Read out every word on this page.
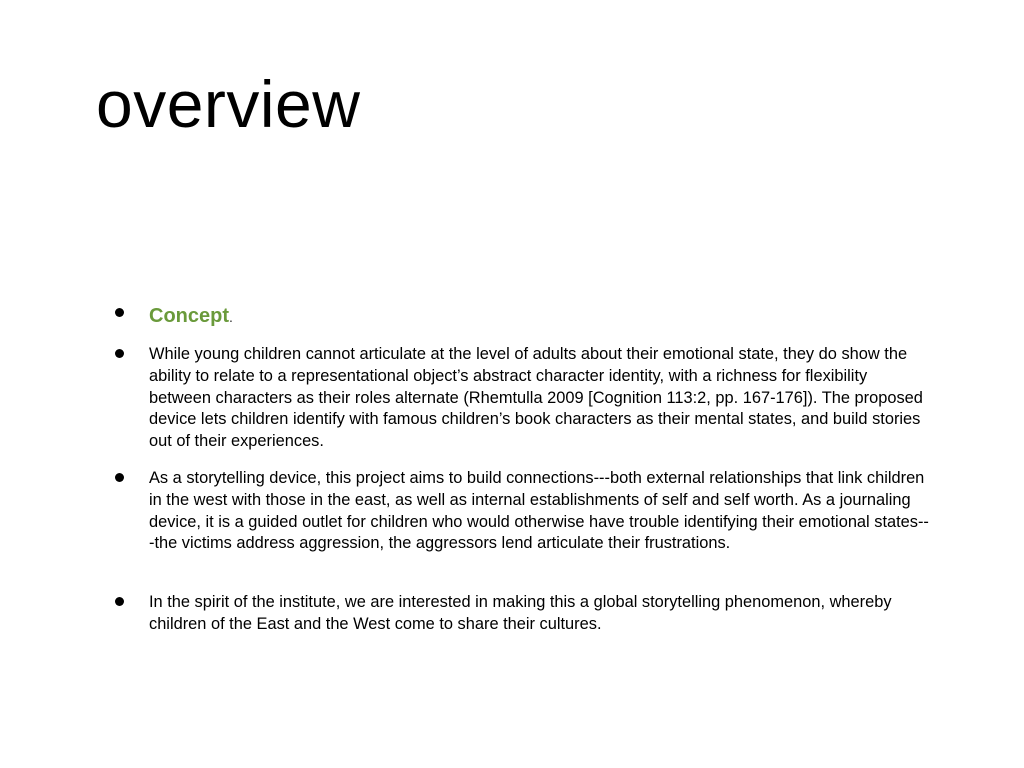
overview

Concept.

While young children cannot articulate at the level of adults about their emotional state, they do show the ability to relate to a representational object’s abstract character identity, with a richness for flexibility between characters as their roles alternate (Rhemtulla 2009 [Cognition 113:2, pp. 167-176]). The proposed device lets children identify with famous children’s book characters as their mental states, and build stories out of their experiences.

As a storytelling device, this project aims to build connections---both external relationships that link children in the west with those in the east, as well as internal establishments of self and self worth. As a journaling device, it is a guided outlet for children who would otherwise have trouble identifying their emotional states---the victims address aggression, the aggressors lend articulate their frustrations.

In the spirit of the institute, we are interested in making this a global storytelling phenomenon, whereby children of the East and the West come to share their cultures.
